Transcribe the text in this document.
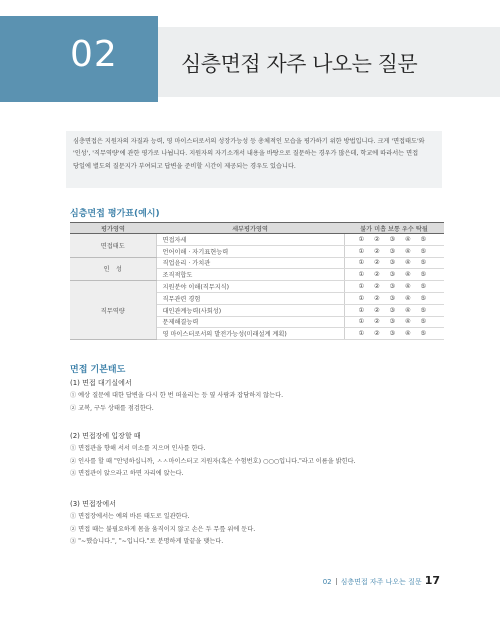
02	심층면접 자주 나오는 질문
심층면접은 지원자의 자질과 능력, 영 마이스터로서의 성장가능성 등 총체적인 모습을 평가하기 위한 방법입니다. 크게 '면접태도'와 '인성', '직무역량'에 관한 평가로 나뉩니다. 지원자의 자기소개서 내용을 바탕으로 질문하는 경우가 많은데, 학교에 따라서는 면접 당일에 별도의 질문지가 부여되고 답변을 준비할 시간이 제공되는 경우도 있습니다.
심층면접 평가표(예시)
평가영역	세부평가영역	불가 미흡 보통 우수 탁월
면접태도	면접자세	① ② ③ ④ ⑤
	언어이해 · 자기표현능력	① ② ③ ④ ⑤
인　성	직업윤리 · 가치관	① ② ③ ④ ⑤
	조직적합도	① ② ③ ④ ⑤
직무역량	지원분야 이해(직무지식)	① ② ③ ④ ⑤
	직무관련 경험	① ② ③ ④ ⑤
	대인관계능력(사회성)	① ② ③ ④ ⑤
	문제해결능력	① ② ③ ④ ⑤
	영 마이스터로서의 발전가능성(미래설계 계획)	① ② ③ ④ ⑤
면접 기본태도
(1) 면접 대기실에서
① 예상 질문에 대한 답변을 다시 한 번 떠올리는 등 옆 사람과 잡담하지 않는다.
② 교복, 구두 상태를 점검한다.
(2) 면접장에 입장할 때
① 면접관을 향해 서서 미소를 지으며 인사를 한다.
② 인사를 할 때 "안녕하십니까, ㅅㅅ마이스터고 지원자(혹은 수험번호) ○○○입니다."라고 이름을 밝힌다.
③ 면접관이 앉으라고 하면 자리에 앉는다.
(3) 면접장에서
① 면접장에서는 예의 바른 태도로 일관한다.
② 면접 때는 불필요하게 몸을 움직이지 않고 손은 두 무릎 위에 둔다.
③ "~했습니다.", "~입니다."로 분명하게 말끝을 맺는다.
02 심층면접 자주 나오는 질문 17
